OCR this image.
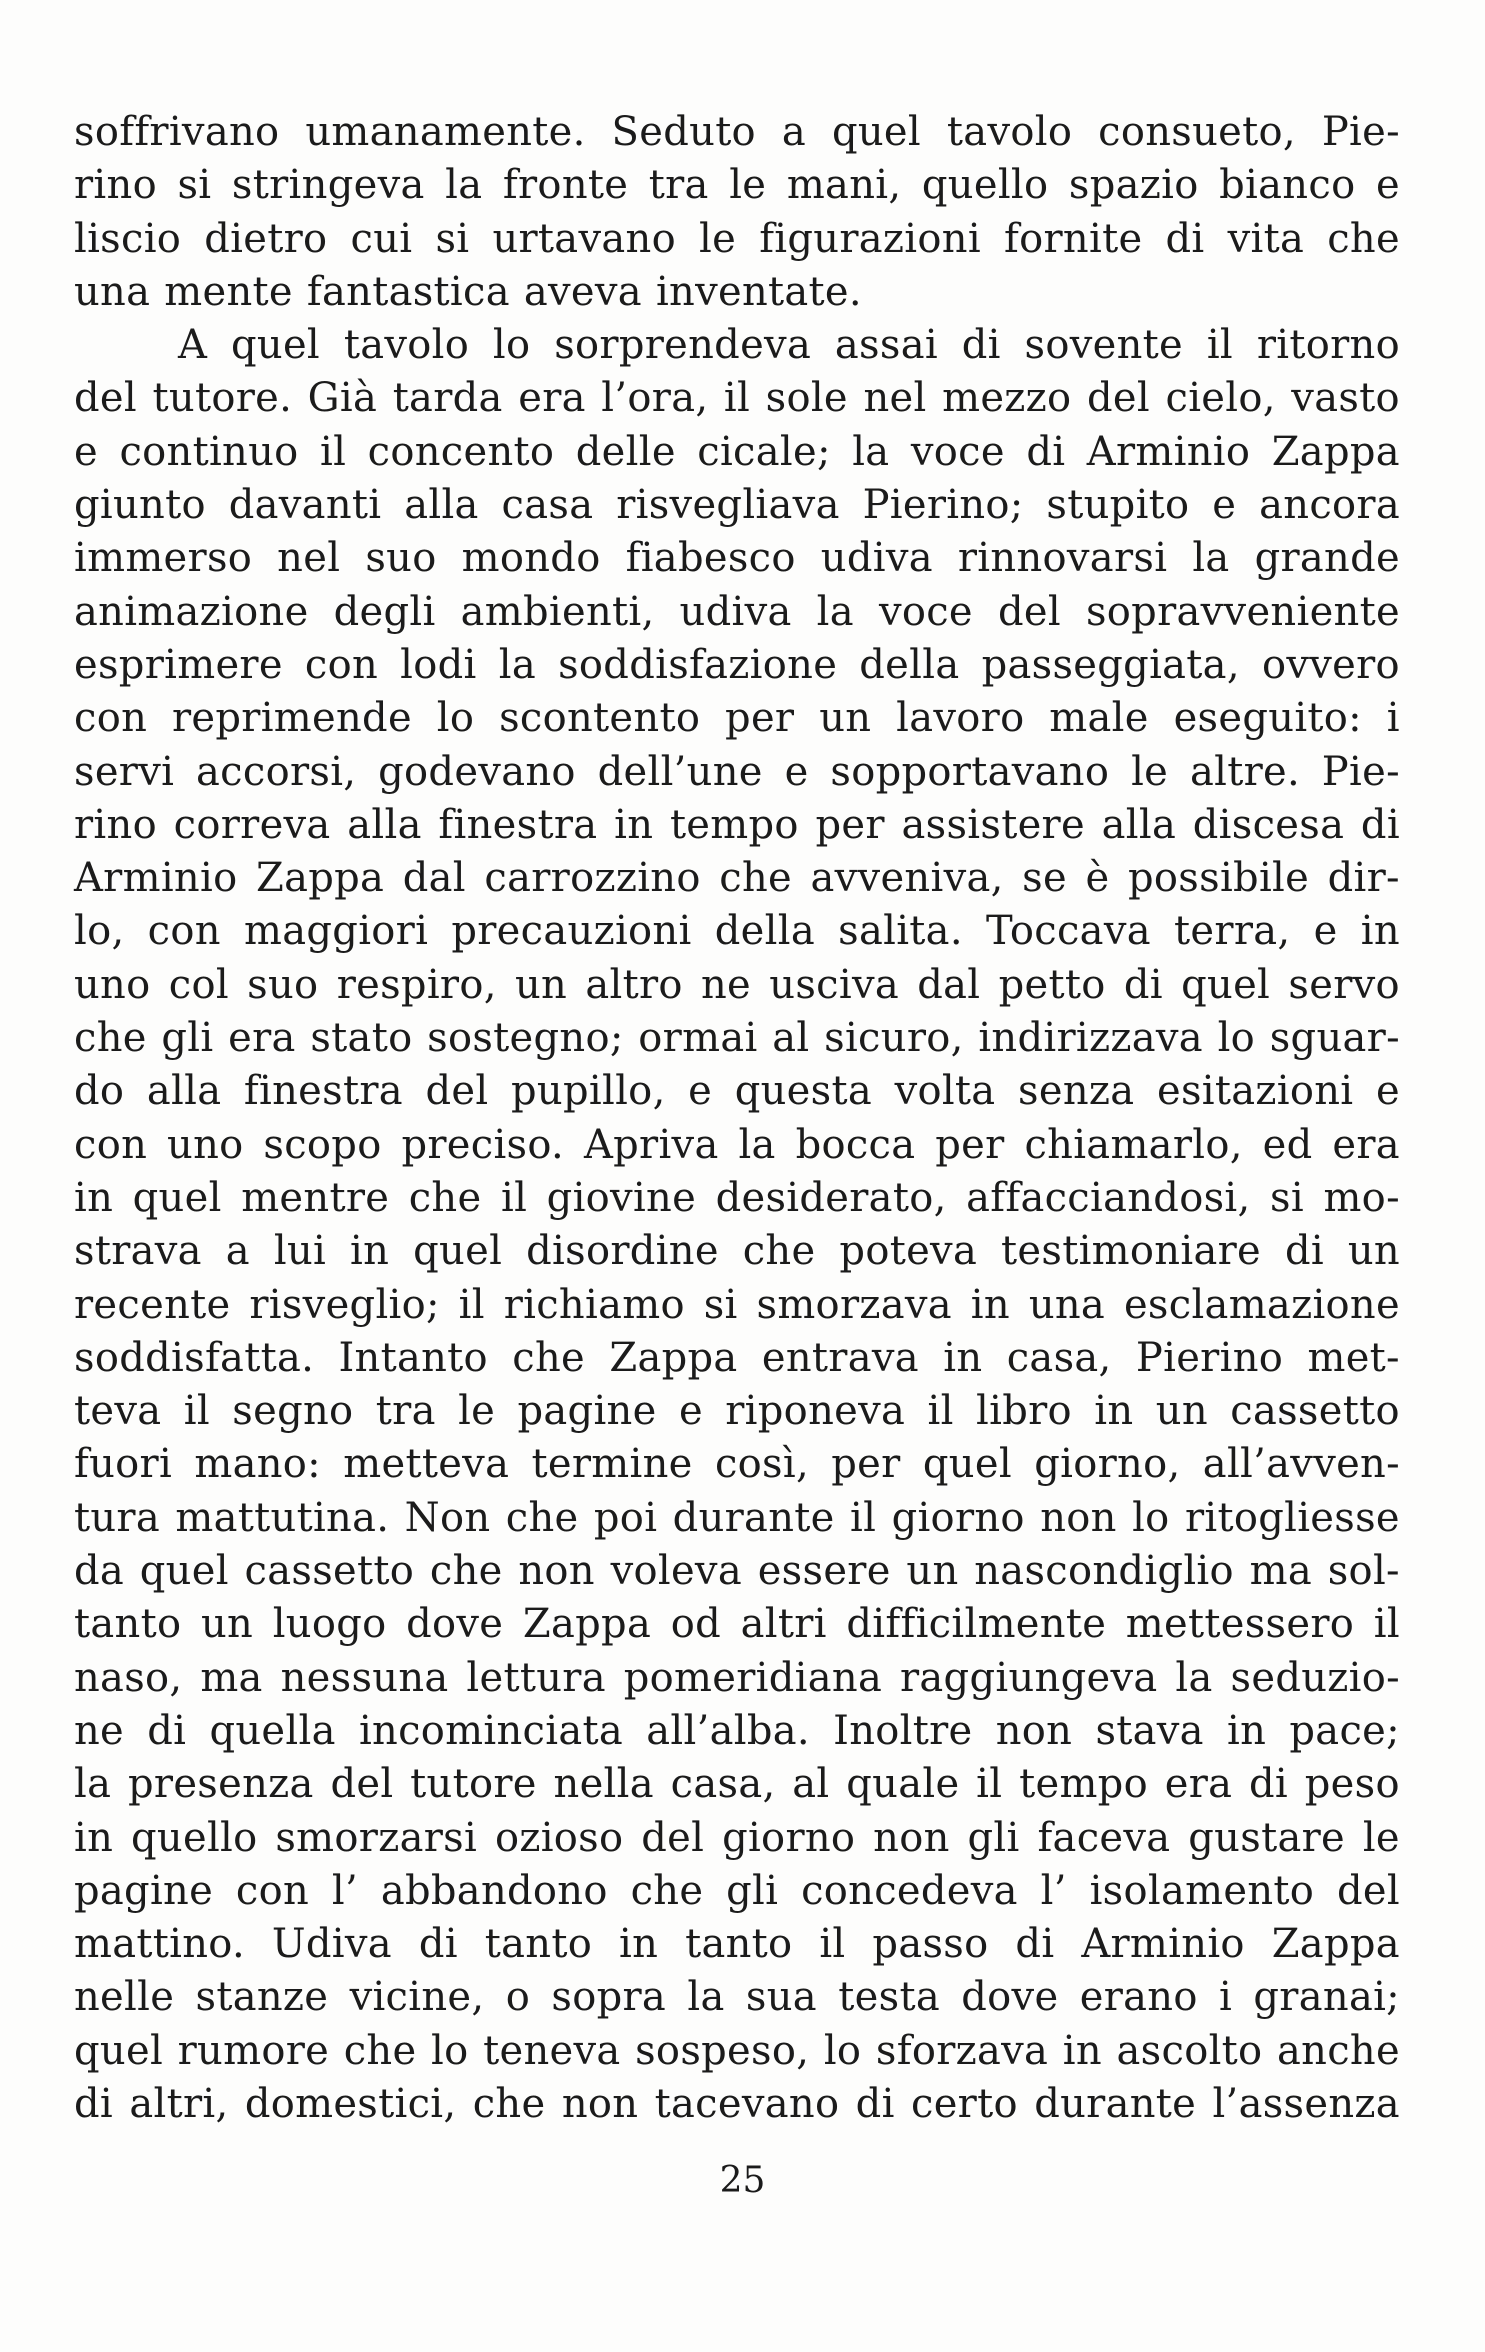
soffrivano umanamente. Seduto a quel tavolo consueto, Pie-
rino si stringeva la fronte tra le mani, quello spazio bianco e
liscio dietro cui si urtavano le figurazioni fornite di vita che
una mente fantastica aveva inventate.
A quel tavolo lo sorprendeva assai di sovente il ritorno
del tutore. Già tarda era l’ora, il sole nel mezzo del cielo, vasto
e continuo il concento delle cicale; la voce di Arminio Zappa
giunto davanti alla casa risvegliava Pierino; stupito e ancora
immerso nel suo mondo fiabesco udiva rinnovarsi la grande
animazione degli ambienti, udiva la voce del sopravveniente
esprimere con lodi la soddisfazione della passeggiata, ovvero
con reprimende lo scontento per un lavoro male eseguito: i
servi accorsi, godevano dell’une e sopportavano le altre. Pie-
rino correva alla finestra in tempo per assistere alla discesa di
Arminio Zappa dal carrozzino che avveniva, se è possibile dir-
lo, con maggiori precauzioni della salita. Toccava terra, e in
uno col suo respiro, un altro ne usciva dal petto di quel servo
che gli era stato sostegno; ormai al sicuro, indirizzava lo sguar-
do alla finestra del pupillo, e questa volta senza esitazioni e
con uno scopo preciso. Apriva la bocca per chiamarlo, ed era
in quel mentre che il giovine desiderato, affacciandosi, si mo-
strava a lui in quel disordine che poteva testimoniare di un
recente risveglio; il richiamo si smorzava in una esclamazione
soddisfatta. Intanto che Zappa entrava in casa, Pierino met-
teva il segno tra le pagine e riponeva il libro in un cassetto
fuori mano: metteva termine così, per quel giorno, all’avven-
tura mattutina. Non che poi durante il giorno non lo ritogliesse
da quel cassetto che non voleva essere un nascondiglio ma sol-
tanto un luogo dove Zappa od altri difficilmente mettessero il
naso, ma nessuna lettura pomeridiana raggiungeva la seduzio-
ne di quella incominciata all’alba. Inoltre non stava in pace;
la presenza del tutore nella casa, al quale il tempo era di peso
in quello smorzarsi ozioso del giorno non gli faceva gustare le
pagine con l’ abbandono che gli concedeva l’ isolamento del
mattino. Udiva di tanto in tanto il passo di Arminio Zappa
nelle stanze vicine, o sopra la sua testa dove erano i granai;
quel rumore che lo teneva sospeso, lo sforzava in ascolto anche
di altri, domestici, che non tacevano di certo durante l’assenza
25
